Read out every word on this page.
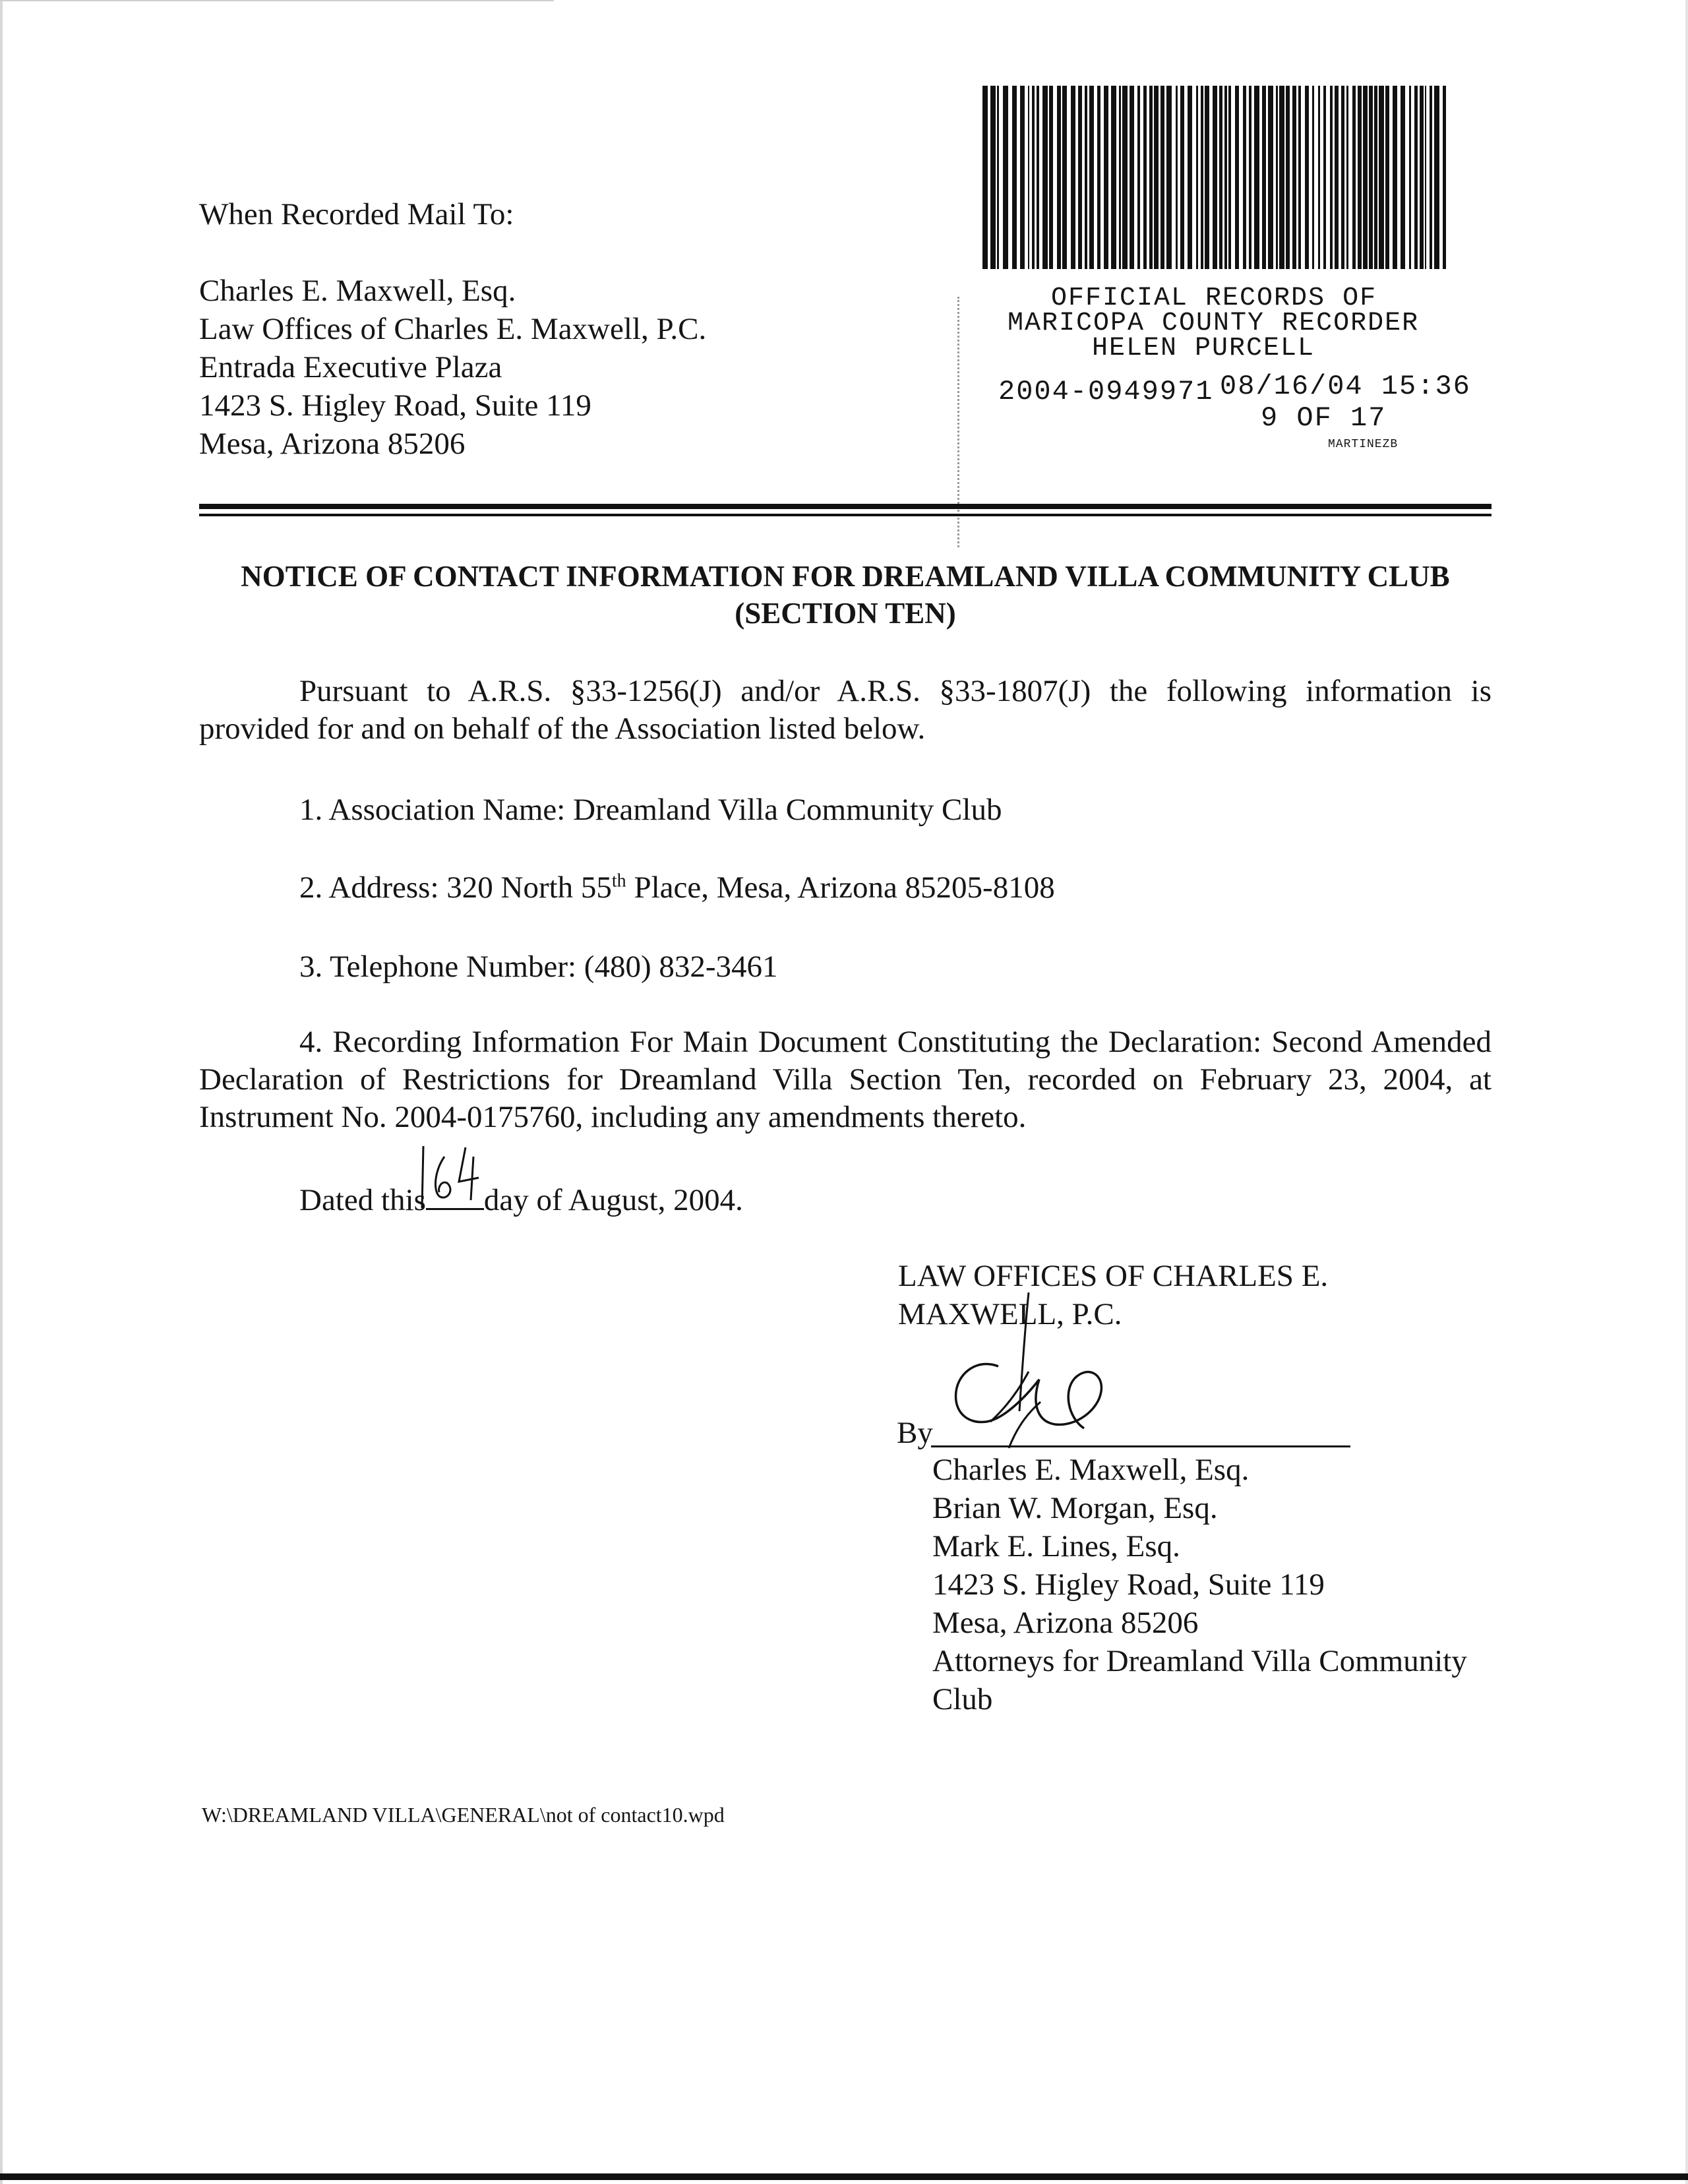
When Recorded Mail To:
Charles E. Maxwell, Esq.
Law Offices of Charles E. Maxwell, P.C.
Entrada Executive Plaza
1423 S. Higley Road, Suite 119
Mesa, Arizona 85206
OFFICIAL RECORDS OF
MARICOPA COUNTY RECORDER
HELEN PURCELL
2004-0949971 08/16/04 15:36
9 OF 17
MARTINEZB
NOTICE OF CONTACT INFORMATION FOR DREAMLAND VILLA COMMUNITY CLUB
(SECTION TEN)
Pursuant to A.R.S. §33-1256(J) and/or A.R.S. §33-1807(J) the following information is provided for and on behalf of the Association listed below.
1. Association Name: Dreamland Villa Community Club
2. Address: 320 North 55th Place, Mesa, Arizona 85205-8108
3. Telephone Number: (480) 832-3461
4. Recording Information For Main Document Constituting the Declaration: Second Amended Declaration of Restrictions for Dreamland Villa Section Ten, recorded on February 23, 2004, at Instrument No. 2004-0175760, including any amendments thereto.
Dated this day of August, 2004.
LAW OFFICES OF CHARLES E.
MAXWELL, P.C.
By
Charles E. Maxwell, Esq.
Brian W. Morgan, Esq.
Mark E. Lines, Esq.
1423 S. Higley Road, Suite 119
Mesa, Arizona 85206
Attorneys for Dreamland Villa Community
Club
W:\DREAMLAND VILLA\GENERAL\not of contact10.wpd
